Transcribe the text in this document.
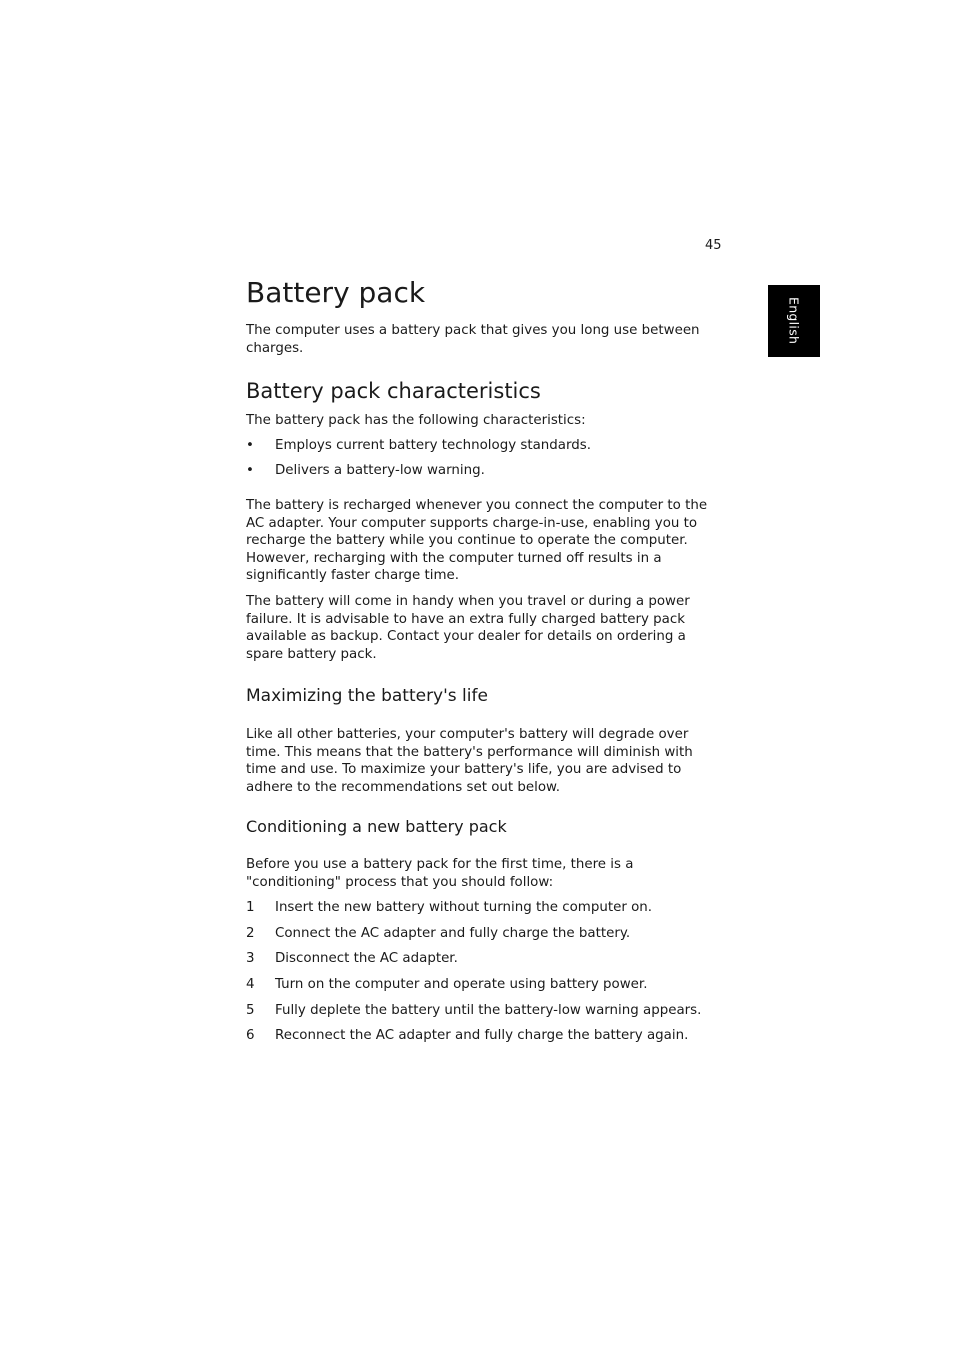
45
English
Battery pack

The computer uses a battery pack that gives you long use between charges.

Battery pack characteristics

The battery pack has the following characteristics:

• Employs current battery technology standards.
• Delivers a battery-low warning.

The battery is recharged whenever you connect the computer to the AC adapter. Your computer supports charge-in-use, enabling you to recharge the battery while you continue to operate the computer. However, recharging with the computer turned off results in a significantly faster charge time.

The battery will come in handy when you travel or during a power failure. It is advisable to have an extra fully charged battery pack available as backup. Contact your dealer for details on ordering a spare battery pack.

Maximizing the battery's life

Like all other batteries, your computer's battery will degrade over time. This means that the battery's performance will diminish with time and use. To maximize your battery's life, you are advised to adhere to the recommendations set out below.

Conditioning a new battery pack

Before you use a battery pack for the first time, there is a "conditioning" process that you should follow:

1 Insert the new battery without turning the computer on.
2 Connect the AC adapter and fully charge the battery.
3 Disconnect the AC adapter.
4 Turn on the computer and operate using battery power.
5 Fully deplete the battery until the battery-low warning appears.
6 Reconnect the AC adapter and fully charge the battery again.
